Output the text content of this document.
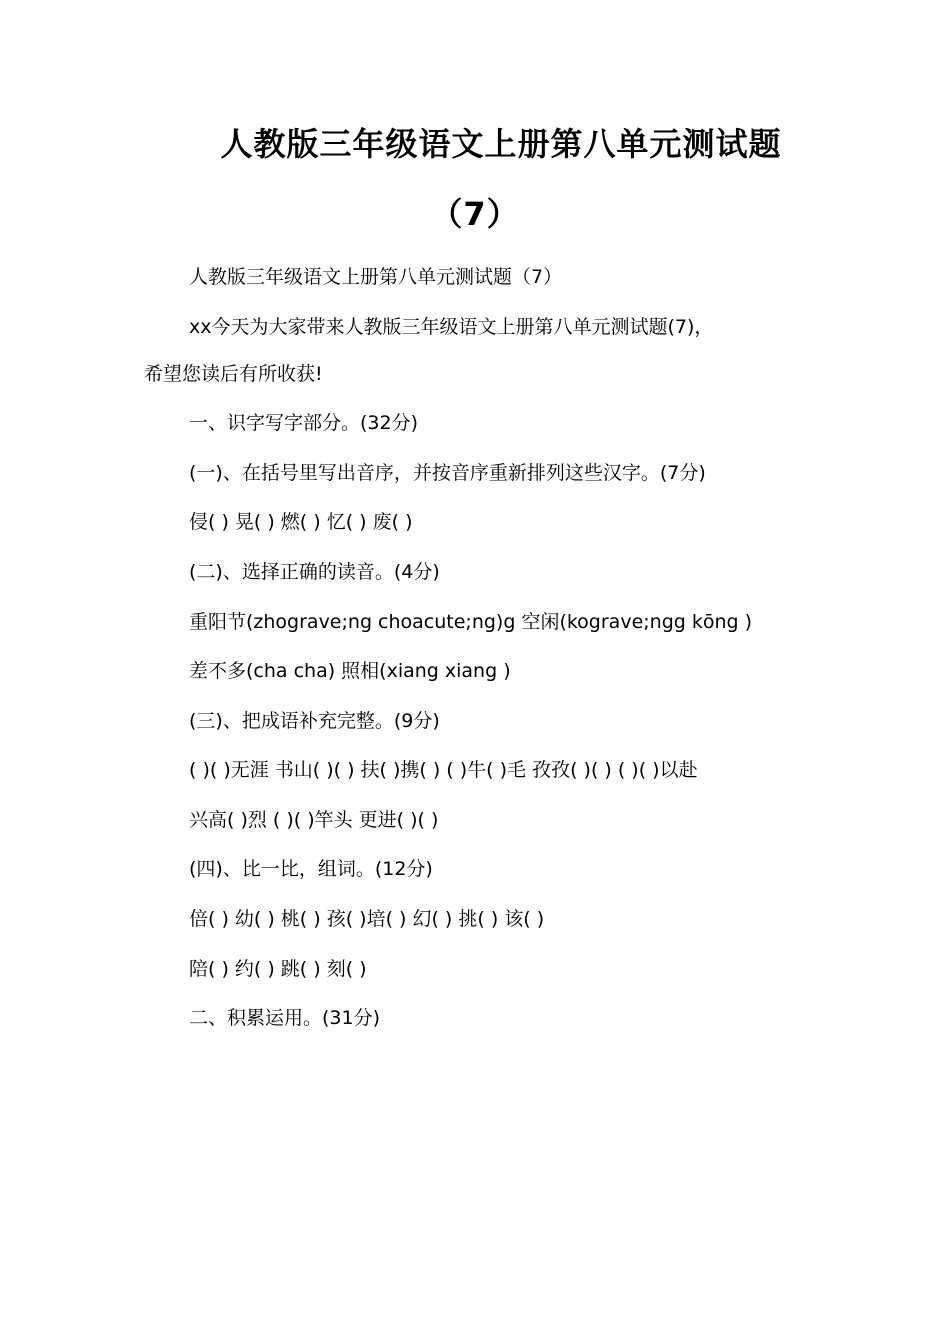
人教版三年级语文上册第八单元测试题
（7）
人教版三年级语文上册第八单元测试题（7）
xx今天为大家带来人教版三年级语文上册第八单元测试题(7)，
希望您读后有所收获!
一、识字写字部分。(32分)
(一)、在括号里写出音序，并按音序重新排列这些汉字。(7分)
侵( ) 晃( ) 燃( ) 忆( ) 废( )
(二)、选择正确的读音。(4分)
重阳节(zhograve;ng choacute;ng)g 空闲(kograve;ngg kōng )
差不多(cha cha) 照相(xiang xiang )
(三)、把成语补充完整。(9分)
( )( )无涯 书山( )( ) 扶( )携( ) ( )牛( )毛 孜孜( )( ) ( )( )以赴
兴高( )烈 ( )( )竿头 更进( )( )
(四)、比一比，组词。(12分)
倍( ) 幼( ) 桃( ) 孩( )培( ) 幻( ) 挑( ) 该( )
陪( ) 约( ) 跳( ) 刻( )
二、积累运用。(31分)
